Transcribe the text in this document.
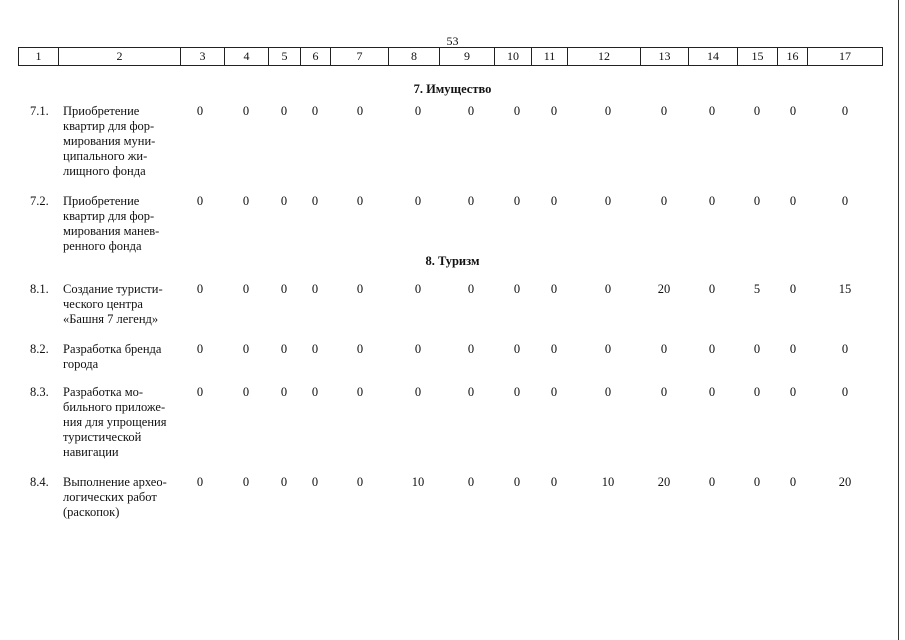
53
1	2	3	4	5	6	7	8	9	10	11	12	13	14	15	16	17
7. Имущество
7.1.	Приобретение
квартир для фор-
мирования муни-
ципального жи-
лищного фонда
0	0	0	0	0	0	0	0	0	0	0	0	0	0	0
7.2.	Приобретение
квартир для фор-
мирования манев-
ренного фонда
0	0	0	0	0	0	0	0	0	0	0	0	0	0	0
8. Туризм
8.1.	Создание туристи-
ческого центра
«Башня 7 легенд»
0	0	0	0	0	0	0	0	0	0	20	0	5	0	15
8.2.	Разработка бренда
города
0	0	0	0	0	0	0	0	0	0	0	0	0	0	0
8.3.	Разработка мо-
бильного приложе-
ния для упрощения
туристической
навигации
0	0	0	0	0	0	0	0	0	0	0	0	0	0	0
8.4.	Выполнение архео-
логических работ
(раскопок)
0	0	0	0	0	10	0	0	0	10	20	0	0	0	20
